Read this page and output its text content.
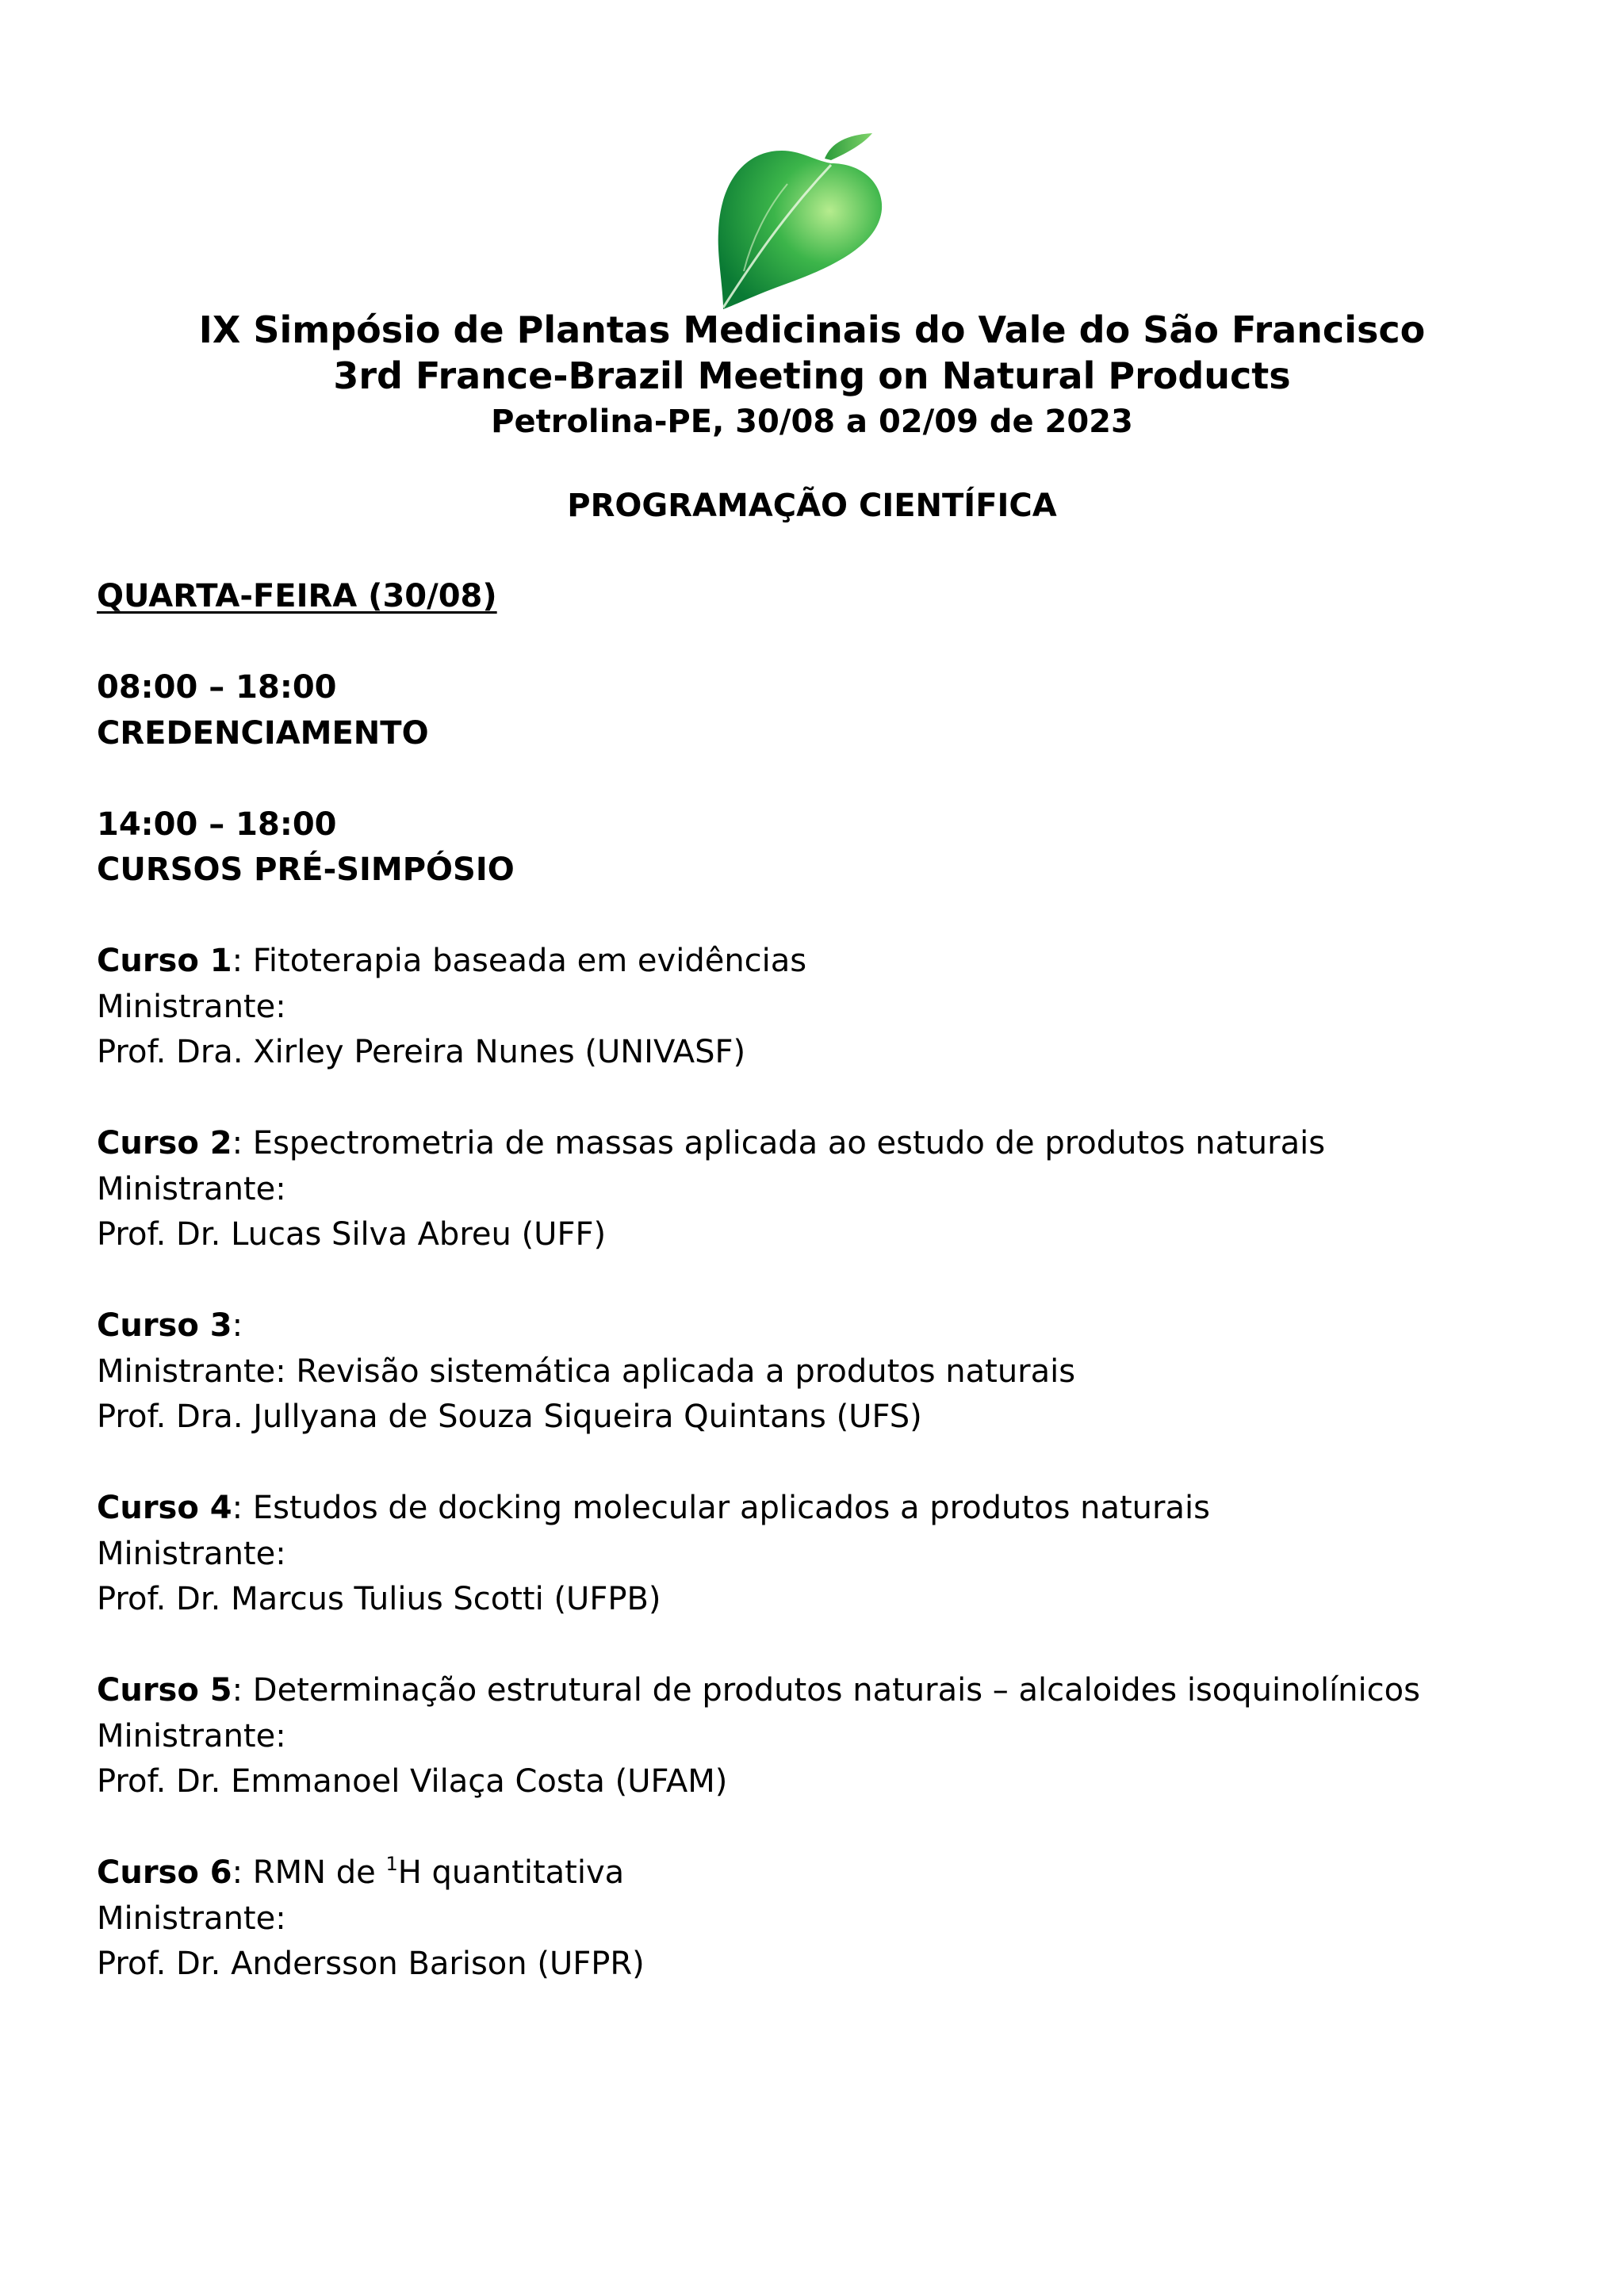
IX Simpósio de Plantas Medicinais do Vale do São Francisco
3rd France-Brazil Meeting on Natural Products
Petrolina-PE, 30/08 a 02/09 de 2023
PROGRAMAÇÃO CIENTÍFICA
QUARTA-FEIRA (30/08)
08:00 – 18:00
CREDENCIAMENTO
14:00 – 18:00
CURSOS PRÉ-SIMPÓSIO
Curso 1: Fitoterapia baseada em evidências
Ministrante:
Prof. Dra. Xirley Pereira Nunes (UNIVASF)
Curso 2: Espectrometria de massas aplicada ao estudo de produtos naturais
Ministrante:
Prof. Dr. Lucas Silva Abreu (UFF)
Curso 3:
Ministrante: Revisão sistemática aplicada a produtos naturais
Prof. Dra. Jullyana de Souza Siqueira Quintans (UFS)
Curso 4: Estudos de docking molecular aplicados a produtos naturais
Ministrante:
Prof. Dr. Marcus Tulius Scotti (UFPB)
Curso 5: Determinação estrutural de produtos naturais – alcaloides isoquinolínicos
Ministrante:
Prof. Dr. Emmanoel Vilaça Costa (UFAM)
Curso 6: RMN de $^1$H quantitativa
Ministrante:
Prof. Dr. Andersson Barison (UFPR)
